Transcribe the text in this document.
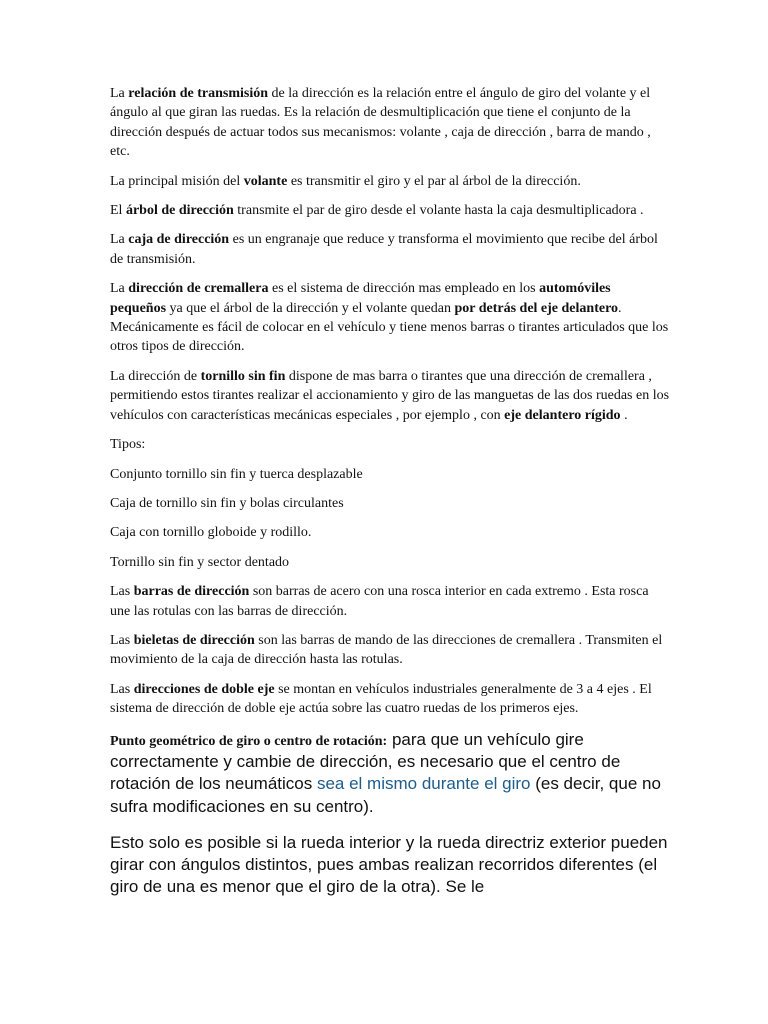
La relación de transmisión de la dirección es la relación entre el ángulo de giro del volante y el ángulo al que giran las ruedas. Es la relación de desmultiplicación que tiene el conjunto de la dirección después de actuar todos sus mecanismos: volante , caja de dirección , barra de mando , etc.

La principal misión del volante es transmitir el giro y el par al árbol de la dirección.

El árbol de dirección transmite el par de giro desde el volante hasta la caja desmultiplicadora .

La caja de dirección es un engranaje que reduce y transforma el movimiento que recibe del árbol de transmisión.

La dirección de cremallera es el sistema de dirección mas empleado en los automóviles pequeños ya que el árbol de la dirección y el volante quedan por detrás del eje delantero. Mecánicamente es fácil de colocar en el vehículo y tiene menos barras o tirantes articulados que los otros tipos de dirección.

La dirección de tornillo sin fin dispone de mas barra o tirantes que una dirección de cremallera , permitiendo estos tirantes realizar el accionamiento y giro de las manguetas de las dos ruedas en los vehículos con características mecánicas especiales , por ejemplo , con eje delantero rígido .

Tipos:

Conjunto tornillo sin fin y tuerca desplazable

Caja de tornillo sin fin y bolas circulantes

Caja con tornillo globoide y rodillo.

Tornillo sin fin y sector dentado

Las barras de dirección son barras de acero con una rosca interior en cada extremo . Esta rosca une las rotulas con las barras de dirección.

Las bieletas de dirección son las barras de mando de las direcciones de cremallera . Transmiten el movimiento de la caja de dirección hasta las rotulas.

Las direcciones de doble eje se montan en vehículos industriales generalmente de 3 a 4 ejes . El sistema de dirección de doble eje actúa sobre las cuatro ruedas de los primeros ejes.

Punto geométrico de giro o centro de rotación: para que un vehículo gire correctamente y cambie de dirección, es necesario que el centro de rotación de los neumáticos sea el mismo durante el giro (es decir, que no sufra modificaciones en su centro).

Esto solo es posible si la rueda interior y la rueda directriz exterior pueden girar con ángulos distintos, pues ambas realizan recorridos diferentes (el giro de una es menor que el giro de la otra). Se le
